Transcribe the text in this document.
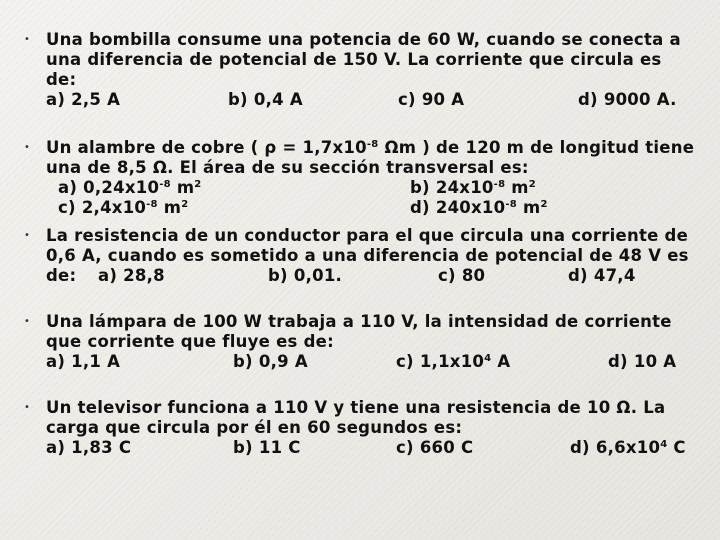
• Una bombilla consume una potencia de 60 W, cuando se conecta a
una diferencia de potencial de 150 V. La corriente que circula es
de:
a) 2,5 A	b) 0,4 A	c) 90 A	d) 9000 A.
• Un alambre de cobre ( $\rho = 1,7x10^{-8}$ Ωm ) de 120 m de longitud tiene
una de 8,5 Ω. El área de su sección transversal es:
a) $0,24x10^{-8}$ $m^2$	b) $24x10^{-8}$ $m^2$
c) $2,4x10^{-8}$ $m^2$	d) $240x10^{-8}$ $m^2$
• La resistencia de un conductor para el que circula una corriente de
0,6 A, cuando es sometido a una diferencia de potencial de 48 V es
de: a) 28,8	b) 0,01.	c) 80	d) 47,4
• Una lámpara de 100 W trabaja a 110 V, la intensidad de corriente
que corriente que fluye es de:
a) 1,1 A	b) 0,9 A	c) $1,1x10^4$ A	d) 10 A
• Un televisor funciona a 110 V y tiene una resistencia de 10 Ω. La
carga que circula por él en 60 segundos es:
a) 1,83 C	b) 11 C	c) 660 C	d) $6,6x10^4$ C
